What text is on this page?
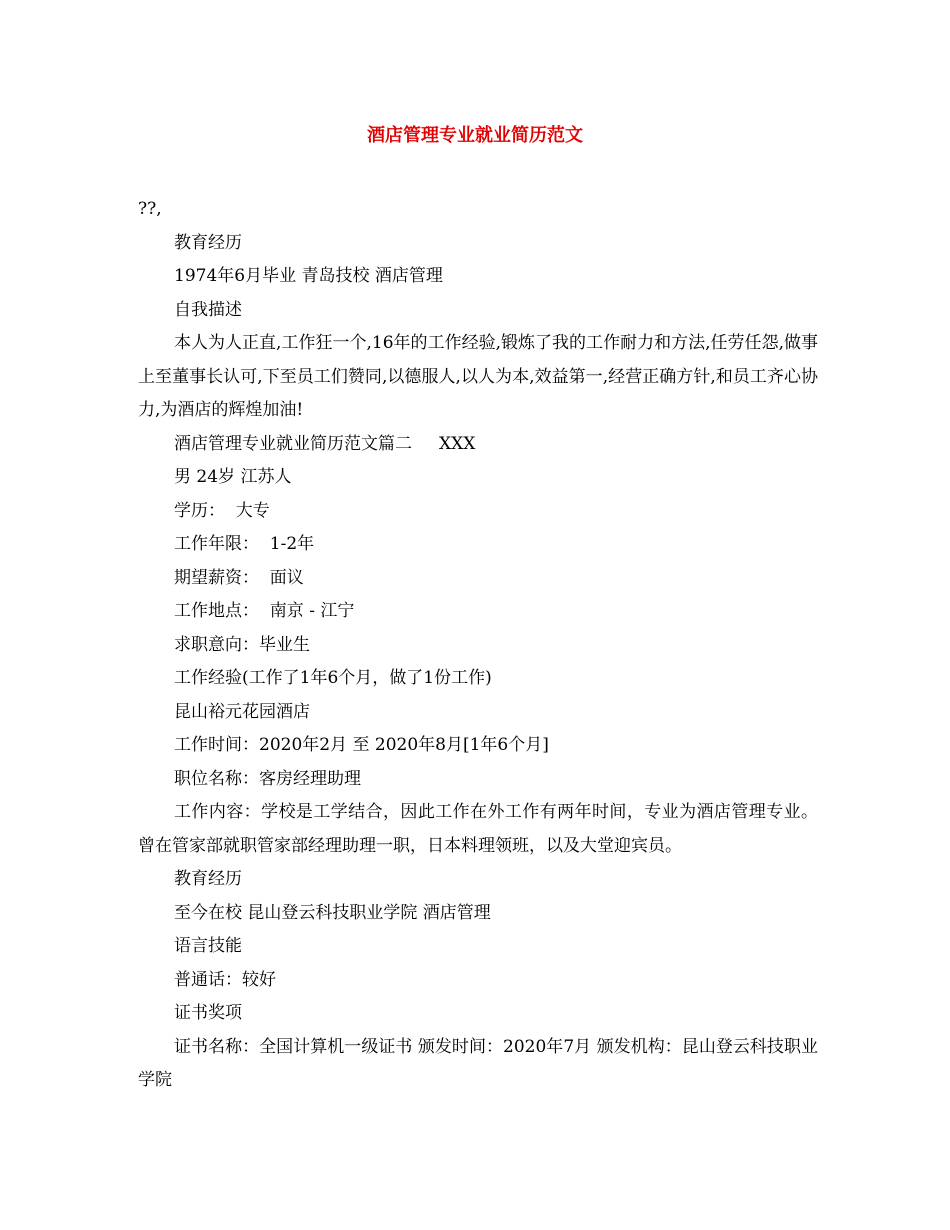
酒店管理专业就业简历范文

??,

教育经历

1974年6月毕业 青岛技校 酒店管理

自我描述

本人为人正直,工作狂一个,16年的工作经验,锻炼了我的工作耐力和方法,任劳任怨,做事上至董事长认可,下至员工们赞同,以德服人,以人为本,效益第一,经营正确方针,和员工齐心协力,为酒店的辉煌加油!

酒店管理专业就业简历范文篇二     XXX

男 24岁 江苏人

学历：  大专

工作年限：  1-2年

期望薪资：  面议

工作地点：  南京 - 江宁

求职意向：毕业生

工作经验(工作了1年6个月，做了1份工作)

昆山裕元花园酒店

工作时间：2020年2月 至 2020年8月[1年6个月]

职位名称：客房经理助理

工作内容：学校是工学结合，因此工作在外工作有两年时间，专业为酒店管理专业。曾在管家部就职管家部经理助理一职，日本料理领班，以及大堂迎宾员。

教育经历

至今在校 昆山登云科技职业学院 酒店管理

语言技能

普通话：较好

证书奖项

证书名称：全国计算机一级证书 颁发时间：2020年7月 颁发机构：昆山登云科技职业学院
